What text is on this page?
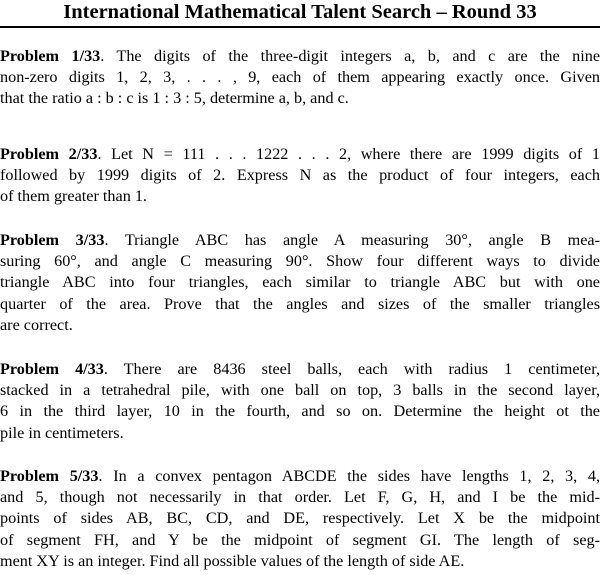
International Mathematical Talent Search – Round 33
Problem 1/33. The digits of the three-digit integers a, b, and c are the nine
non-zero digits 1, 2, 3, . . . , 9, each of them appearing exactly once. Given
that the ratio a : b : c is 1 : 3 : 5, determine a, b, and c.
Problem 2/33. Let N = 111 . . . 1222 . . . 2, where there are 1999 digits of 1
followed by 1999 digits of 2. Express N as the product of four integers, each
of them greater than 1.
Problem 3/33. Triangle ABC has angle A measuring 30°, angle B mea-
suring 60°, and angle C measuring 90°. Show four different ways to divide
triangle ABC into four triangles, each similar to triangle ABC but with one
quarter of the area. Prove that the angles and sizes of the smaller triangles
are correct.
Problem 4/33. There are 8436 steel balls, each with radius 1 centimeter,
stacked in a tetrahedral pile, with one ball on top, 3 balls in the second layer,
6 in the third layer, 10 in the fourth, and so on. Determine the height ot the
pile in centimeters.
Problem 5/33. In a convex pentagon ABCDE the sides have lengths 1, 2, 3, 4,
and 5, though not necessarily in that order. Let F, G, H, and I be the mid-
points of sides AB, BC, CD, and DE, respectively. Let X be the midpoint
of segment FH, and Y be the midpoint of segment GI. The length of seg-
ment XY is an integer. Find all possible values of the length of side AE.
